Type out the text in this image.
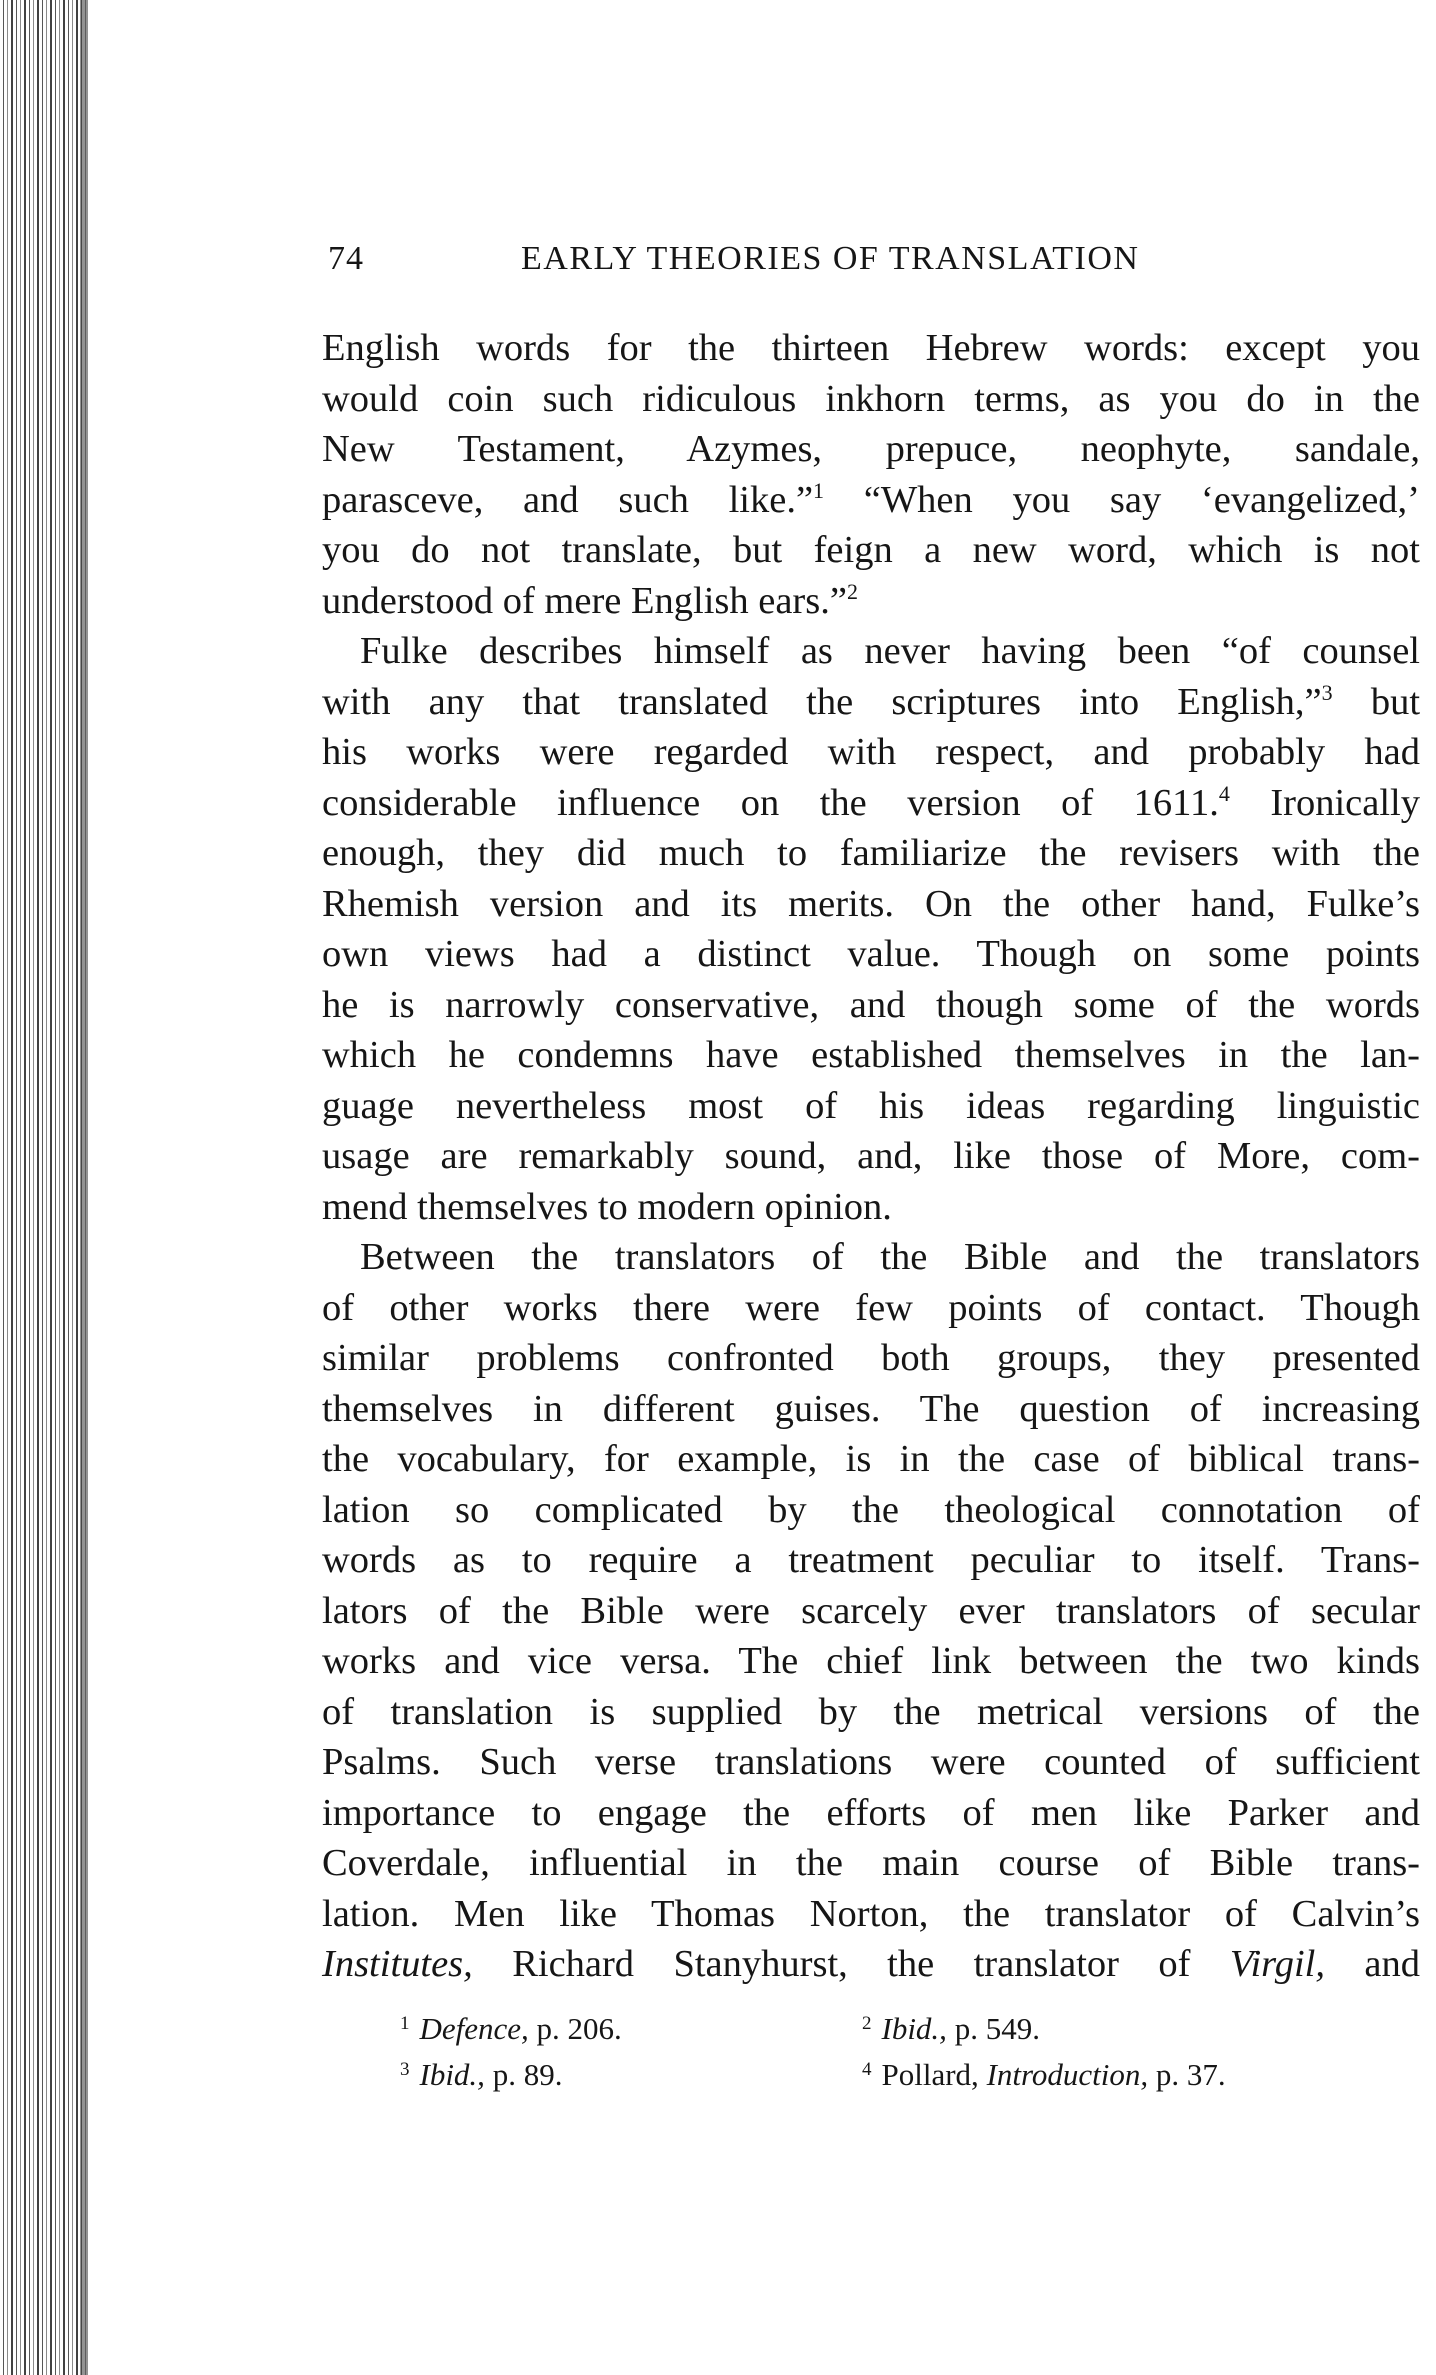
74	EARLY THEORIES OF TRANSLATION
English words for the thirteen Hebrew words: except you
would coin such ridiculous inkhorn terms, as you do in the
New Testament, Azymes, prepuce, neophyte, sandale,
parasceve, and such like.”$^1$ “When you say ‘evangelized,’
you do not translate, but feign a new word, which is not
understood of mere English ears.”$^2$
Fulke describes himself as never having been “of counsel
with any that translated the scriptures into English,”$^3$ but
his works were regarded with respect, and probably had
considerable influence on the version of 1611.$^4$ Ironically
enough, they did much to familiarize the revisers with the
Rhemish version and its merits. On the other hand, Fulke’s
own views had a distinct value. Though on some points
he is narrowly conservative, and though some of the words
which he condemns have established themselves in the lan-
guage nevertheless most of his ideas regarding linguistic
usage are remarkably sound, and, like those of More, com-
mend themselves to modern opinion.
Between the translators of the Bible and the translators
of other works there were few points of contact. Though
similar problems confronted both groups, they presented
themselves in different guises. The question of increasing
the vocabulary, for example, is in the case of biblical trans-
lation so complicated by the theological connotation of
words as to require a treatment peculiar to itself. Trans-
lators of the Bible were scarcely ever translators of secular
works and vice versa. The chief link between the two kinds
of translation is supplied by the metrical versions of the
Psalms. Such verse translations were counted of sufficient
importance to engage the efforts of men like Parker and
Coverdale, influential in the main course of Bible trans-
lation. Men like Thomas Norton, the translator of Calvin’s
Institutes, Richard Stanyhurst, the translator of Virgil, and
$^1$ Defence, p. 206.	$^2$ Ibid., p. 549.
$^3$ Ibid., p. 89.	$^4$ Pollard, Introduction, p. 37.
